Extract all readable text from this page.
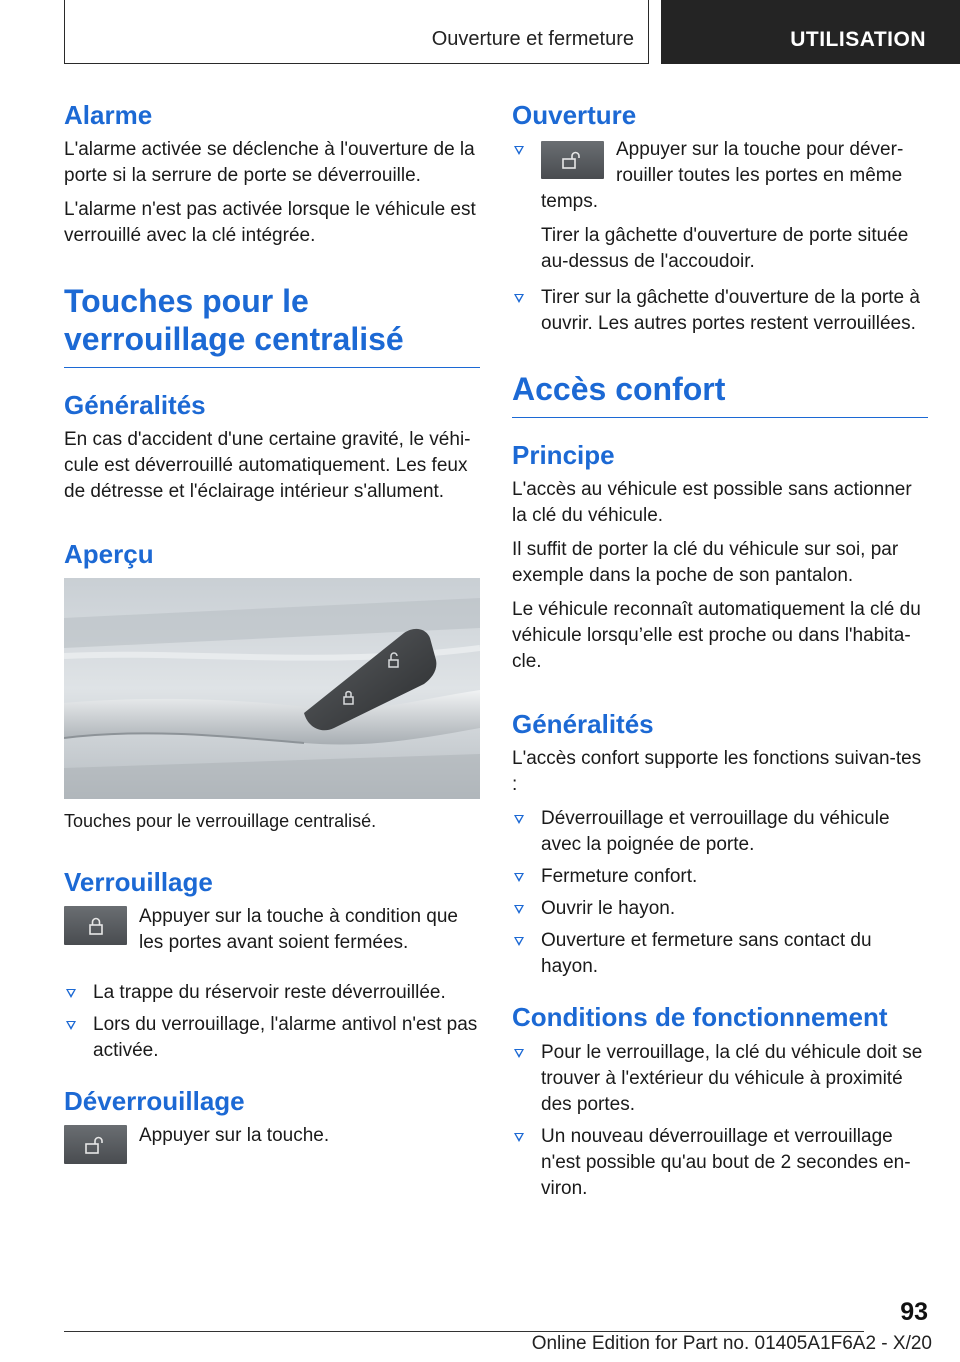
Ouverture et fermeture	UTILISATION
Alarme

L'alarme activée se déclenche à l'ouverture de la porte si la serrure de porte se déverrouille.

L'alarme n'est pas activée lorsque le véhicule est verrouillé avec la clé intégrée.

Touches pour le
verrouillage centralisé
Généralités

En cas d'accident d'une certaine gravité, le véhi-cule est déverrouillé automatiquement. Les feux de détresse et l'éclairage intérieur s'allument.

Aperçu

Touches pour le verrouillage centralisé.

Verrouillage

Appuyer sur la touche à condition que les portes avant soient fermées.

La trappe du réservoir reste déverrouillée.
Lors du verrouillage, l'alarme antivol n'est pas activée.
Déverrouillage

Appuyer sur la touche.

Ouverture
Appuyer sur la touche pour déver-rouiller toutes les portes en même temps.
Tirer la gâchette d'ouverture de porte située au-dessus de l'accoudoir.
Tirer sur la gâchette d'ouverture de la porte à ouvrir. Les autres portes restent verrouillées.
Accès confort
Principe

L'accès au véhicule est possible sans actionner la clé du véhicule.

Il suffit de porter la clé du véhicule sur soi, par exemple dans la poche de son pantalon.

Le véhicule reconnaît automatiquement la clé du véhicule lorsqu’elle est proche ou dans l'habita-cle.

Généralités

L'accès confort supporte les fonctions suivan-tes :

Déverrouillage et verrouillage du véhicule avec la poignée de porte.
Fermeture confort.
Ouvrir le hayon.
Ouverture et fermeture sans contact du hayon.
Conditions de fonctionnement
Pour le verrouillage, la clé du véhicule doit se trouver à l'extérieur du véhicule à proximité des portes.
Un nouveau déverrouillage et verrouillage n'est possible qu'au bout de 2 secondes en-viron.
93
Online Edition for Part no. 01405A1F6A2 - X/20
